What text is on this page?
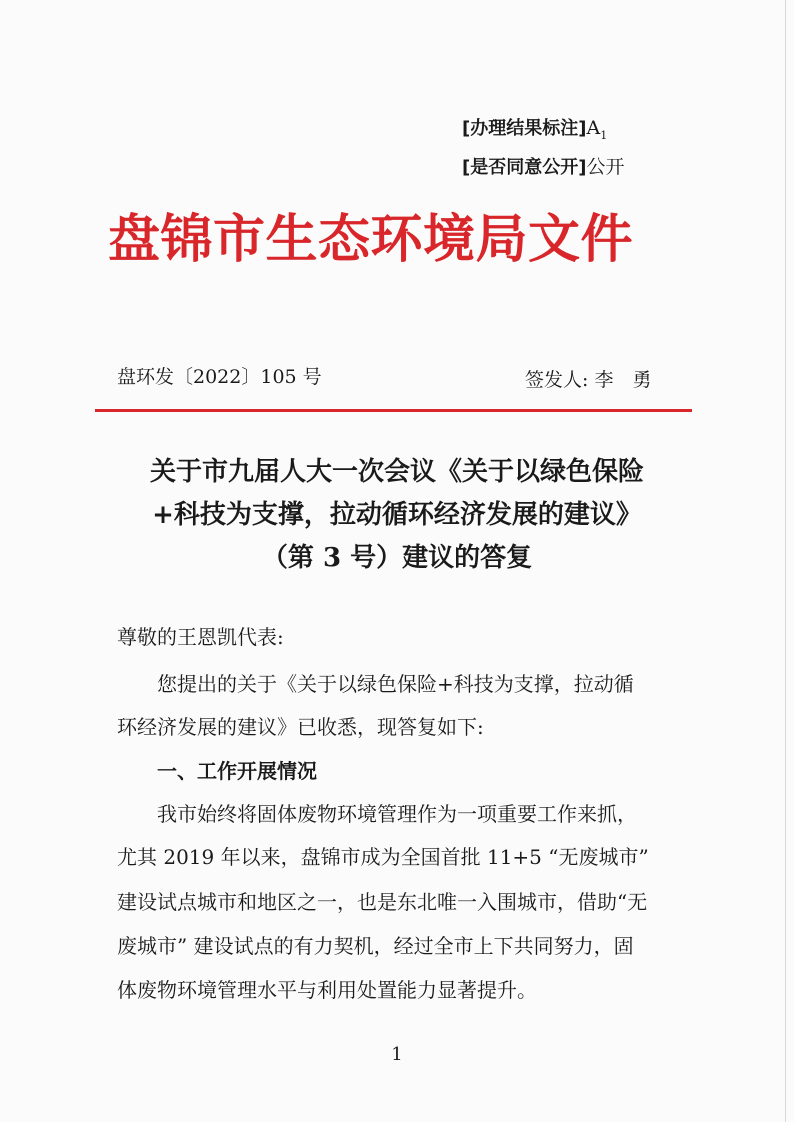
[办理结果标注]$A_1$
[是否同意公开]公开
盘锦市生态环境局文件
盘环发〔2022〕105 号	签发人: 李　勇
关于市九届人大一次会议《关于以绿色保险
+科技为支撑，拉动循环经济发展的建议》
（第 3 号）建议的答复
尊敬的王恩凯代表:
您提出的关于《关于以绿色保险+科技为支撑，拉动循
环经济发展的建议》已收悉，现答复如下:
一、工作开展情况
我市始终将固体废物环境管理作为一项重要工作来抓，
尤其 2019 年以来，盘锦市成为全国首批 11+5 “无废城市”
建设试点城市和地区之一，也是东北唯一入围城市，借助“无
废城市” 建设试点的有力契机，经过全市上下共同努力，固
体废物环境管理水平与利用处置能力显著提升。
1
